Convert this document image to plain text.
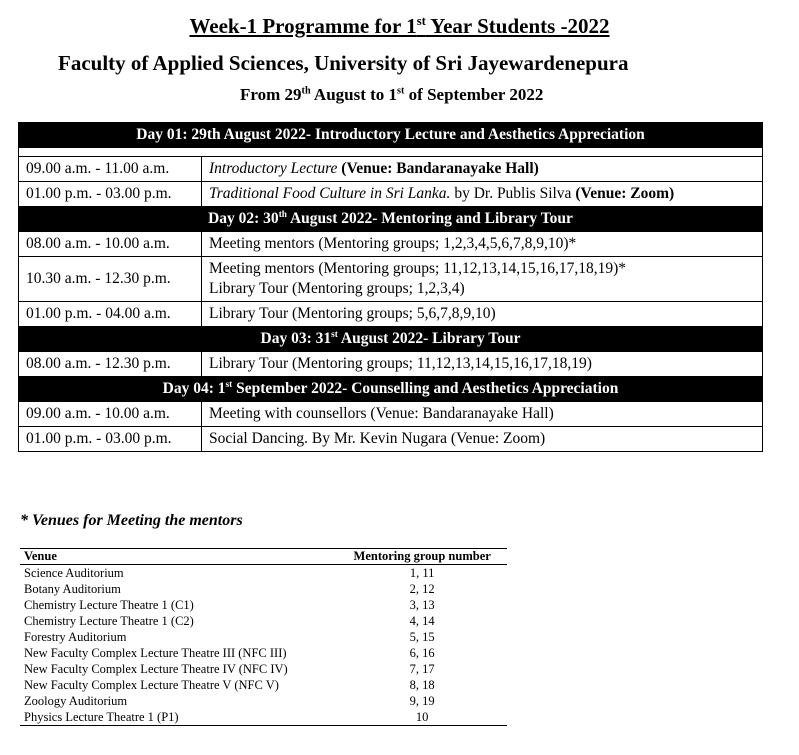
Week-1 Programme for 1st Year Students -2022
Faculty of Applied Sciences, University of Sri Jayewardenepura
From 29th August to 1st of September 2022
Day 01: 29th August 2022- Introductory Lecture and Aesthetics Appreciation	

09.00 a.m. - 11.00 a.m.	Introductory Lecture (Venue: Bandaranayake Hall)
01.00 p.m. - 03.00 p.m.	Traditional Food Culture in Sri Lanka. by Dr. Publis Silva (Venue: Zoom)
Day 02: 30th August 2022- Mentoring and Library Tour	
08.00 a.m. - 10.00 a.m.	Meeting mentors (Mentoring groups; 1,2,3,4,5,6,7,8,9,10)*
10.30 a.m. - 12.30 p.m.	Meeting mentors (Mentoring groups; 11,12,13,14,15,16,17,18,19)*
Library Tour (Mentoring groups; 1,2,3,4)

01.00 p.m. - 04.00 a.m.	Library Tour (Mentoring groups; 5,6,7,8,9,10)
Day 03: 31st August 2022- Library Tour	
08.00 a.m. - 12.30 p.m.	Library Tour (Mentoring groups; 11,12,13,14,15,16,17,18,19)
Day 04: 1st September 2022- Counselling and Aesthetics Appreciation	
09.00 a.m. - 10.00 a.m.	Meeting with counsellors (Venue: Bandaranayake Hall)
01.00 p.m. - 03.00 p.m.	Social Dancing. By Mr. Kevin Nugara (Venue: Zoom)
* Venues for Meeting the mentors
Venue	Mentoring group number
Science Auditorium	1, 11
Botany Auditorium	2, 12
Chemistry Lecture Theatre 1 (C1)	3, 13
Chemistry Lecture Theatre 1 (C2)	4, 14
Forestry Auditorium	5, 15
New Faculty Complex Lecture Theatre III (NFC III)	6, 16
New Faculty Complex Lecture Theatre IV (NFC IV)	7, 17
New Faculty Complex Lecture Theatre V (NFC V)	8, 18
Zoology Auditorium	9, 19
Physics Lecture Theatre 1 (P1)	10
